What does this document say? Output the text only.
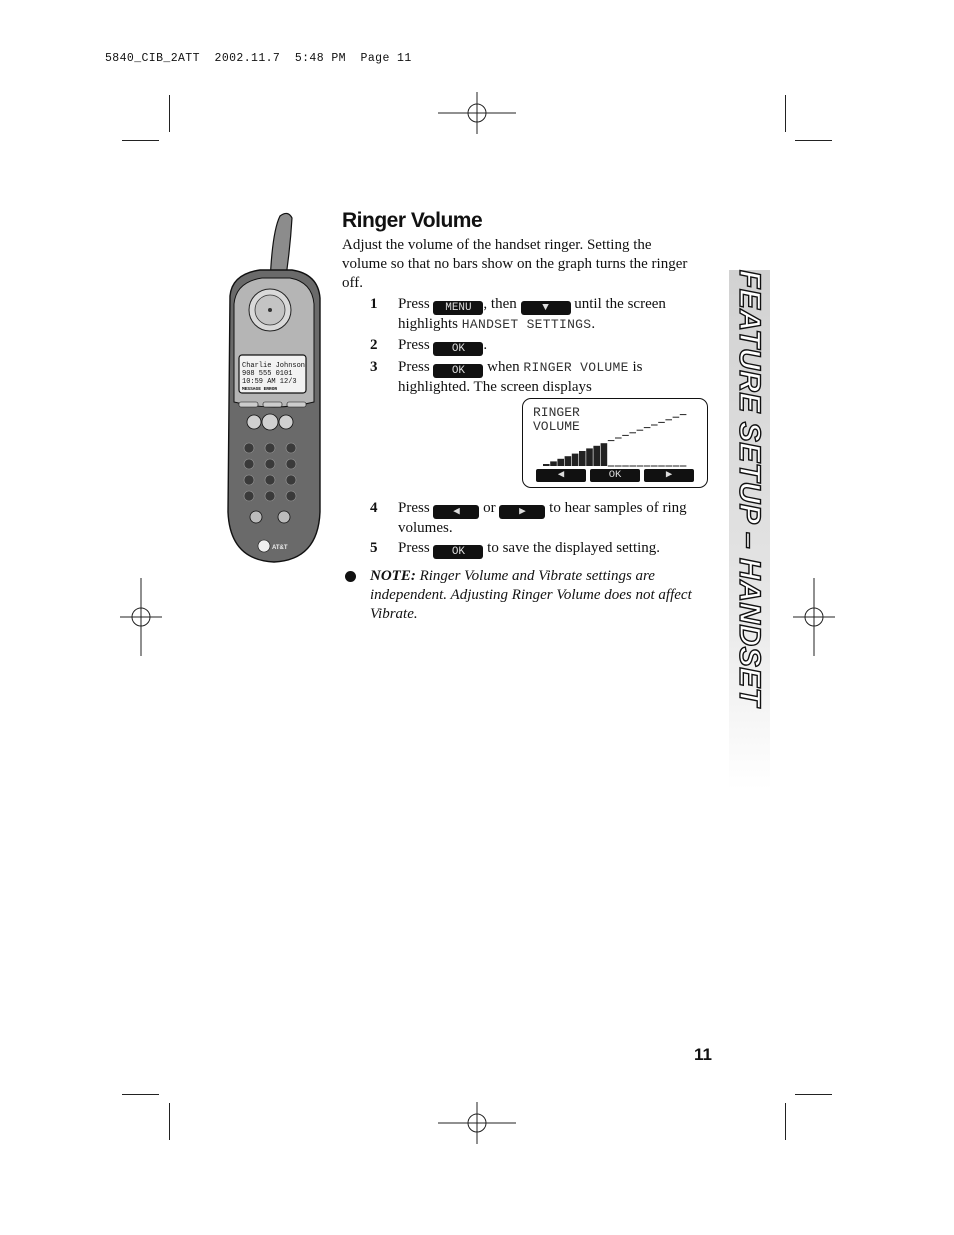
5840_CIB_2ATT  2002.11.7  5:48 PM  Page 11
Charlie Johnson
908 555 0101
10:59 AM 12/3
MESSAGE ERROR
AT&T
Ringer Volume
Adjust the volume of the handset ringer. Setting the volume so that no bars show on the graph turns the ringer off.
1 Press MENU , then ▼ until the screen highlights HANDSET SETTINGS.
2 Press OK .
3 Press OK when RINGER VOLUME is highlighted. The screen displays
RINGER
VOLUME
◀	OK	▶
4 Press ◀ or ▶ to hear samples of ring volumes.
5 Press OK to save the displayed setting.
NOTE: Ringer Volume and Vibrate settings are independent. Adjusting Ringer Volume does not affect Vibrate.	FEATURE SETUP – HANDSET
11
